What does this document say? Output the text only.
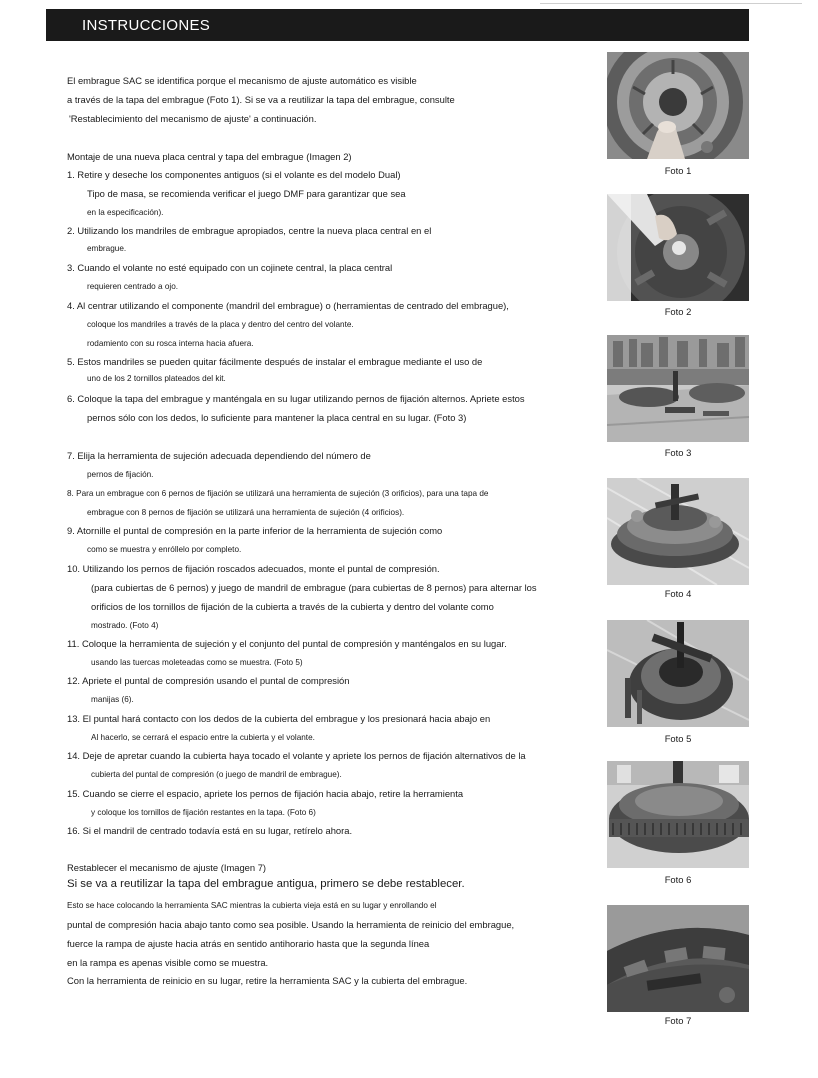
INSTRUCCIONES
El embrague SAC se identifica porque el mecanismo de ajuste automático es visible
a través de la tapa del embrague (Foto 1). Si se va a reutilizar la tapa del embrague, consulte
'Restablecimiento del mecanismo de ajuste' a continuación.
Montaje de una nueva placa central y tapa del embrague (Imagen 2)
1. Retire y deseche los componentes antiguos (si el volante es del modelo Dual)
Tipo de masa, se recomienda verificar el juego DMF para garantizar que sea
en la especificación).
2. Utilizando los mandriles de embrague apropiados, centre la nueva placa central en el
embrague.
3. Cuando el volante no esté equipado con un cojinete central, la placa central
requieren centrado a ojo.
4. Al centrar utilizando el componente (mandril del embrague) o (herramientas de centrado del embrague),
coloque los mandriles a través de la placa y dentro del centro del volante.
rodamiento con su rosca interna hacia afuera.
5. Estos mandriles se pueden quitar fácilmente después de instalar el embrague mediante el uso de
uno de los 2 tornillos plateados del kit.
6. Coloque la tapa del embrague y manténgala en su lugar utilizando pernos de fijación alternos. Apriete estos
pernos sólo con los dedos, lo suficiente para mantener la placa central en su lugar. (Foto 3)
7. Elija la herramienta de sujeción adecuada dependiendo del número de
pernos de fijación.
8. Para un embrague con 6 pernos de fijación se utilizará una herramienta de sujeción (3 orificios), para una tapa de
embrague con 8 pernos de fijación se utilizará una herramienta de sujeción (4 orificios).
9. Atornille el puntal de compresión en la parte inferior de la herramienta de sujeción como
como se muestra y enróllelo por completo.
10. Utilizando los pernos de fijación roscados adecuados, monte el puntal de compresión.
(para cubiertas de 6 pernos) y juego de mandril de embrague (para cubiertas de 8 pernos) para alternar los
orificios de los tornillos de fijación de la cubierta a través de la cubierta y dentro del volante como
mostrado. (Foto 4)
11. Coloque la herramienta de sujeción y el conjunto del puntal de compresión y manténgalos en su lugar.
usando las tuercas moleteadas como se muestra. (Foto 5)
12. Apriete el puntal de compresión usando el puntal de compresión
manijas (6).
13. El puntal hará contacto con los dedos de la cubierta del embrague y los presionará hacia abajo en
Al hacerlo, se cerrará el espacio entre la cubierta y el volante.
14. Deje de apretar cuando la cubierta haya tocado el volante y apriete los pernos de fijación alternativos de la
cubierta del puntal de compresión (o juego de mandril de embrague).
15. Cuando se cierre el espacio, apriete los pernos de fijación hacia abajo, retire la herramienta
y coloque los tornillos de fijación restantes en la tapa. (Foto 6)
16. Si el mandril de centrado todavía está en su lugar, retírelo ahora.
Restablecer el mecanismo de ajuste (Imagen 7)
Si se va a reutilizar la tapa del embrague antigua, primero se debe restablecer.
Esto se hace colocando la herramienta SAC mientras la cubierta vieja está en su lugar y enrollando el
puntal de compresión hacia abajo tanto como sea posible. Usando la herramienta de reinicio del embrague,
fuerce la rampa de ajuste hacia atrás en sentido antihorario hasta que la segunda línea
en la rampa es apenas visible como se muestra.
Con la herramienta de reinicio en su lugar, retire la herramienta SAC y la cubierta del embrague.
Foto 1
Foto 2
Foto 3
Foto 4
Foto 5
Foto 6
Foto 7
